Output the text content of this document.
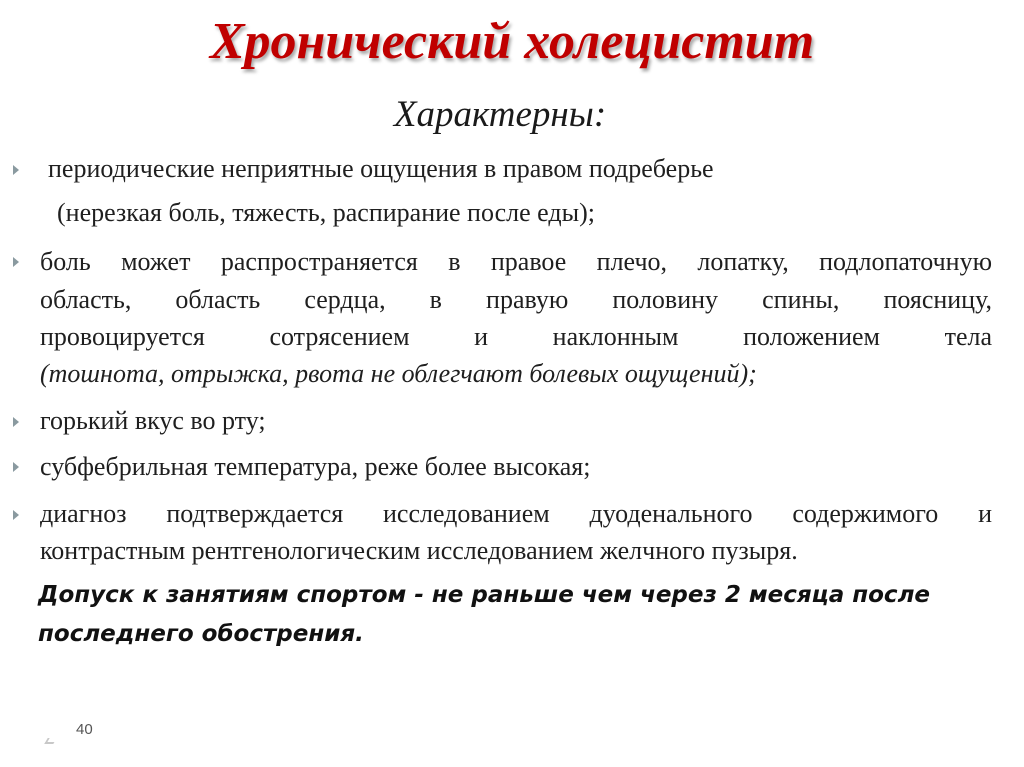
Хронический холецистит
Характерны:
периодические неприятные ощущения в правом подреберье
(нерезкая боль, тяжесть, распирание после еды);
боль может распространяется в правое плечо, лопатку, подлопаточную
область, область сердца, в правую половину спины, поясницу,
провоцируется сотрясением и наклонным положением тела
(тошнота, отрыжка, рвота не облегчают болевых ощущений);
горький вкус во рту;
субфебрильная температура, реже более высокая;
диагноз подтверждается исследованием дуоденального содержимого и
контрастным рентгенологическим исследованием желчного пузыря.
Допуск к занятиям спортом - не раньше чем через 2 месяца после
последнего обострения.
40
